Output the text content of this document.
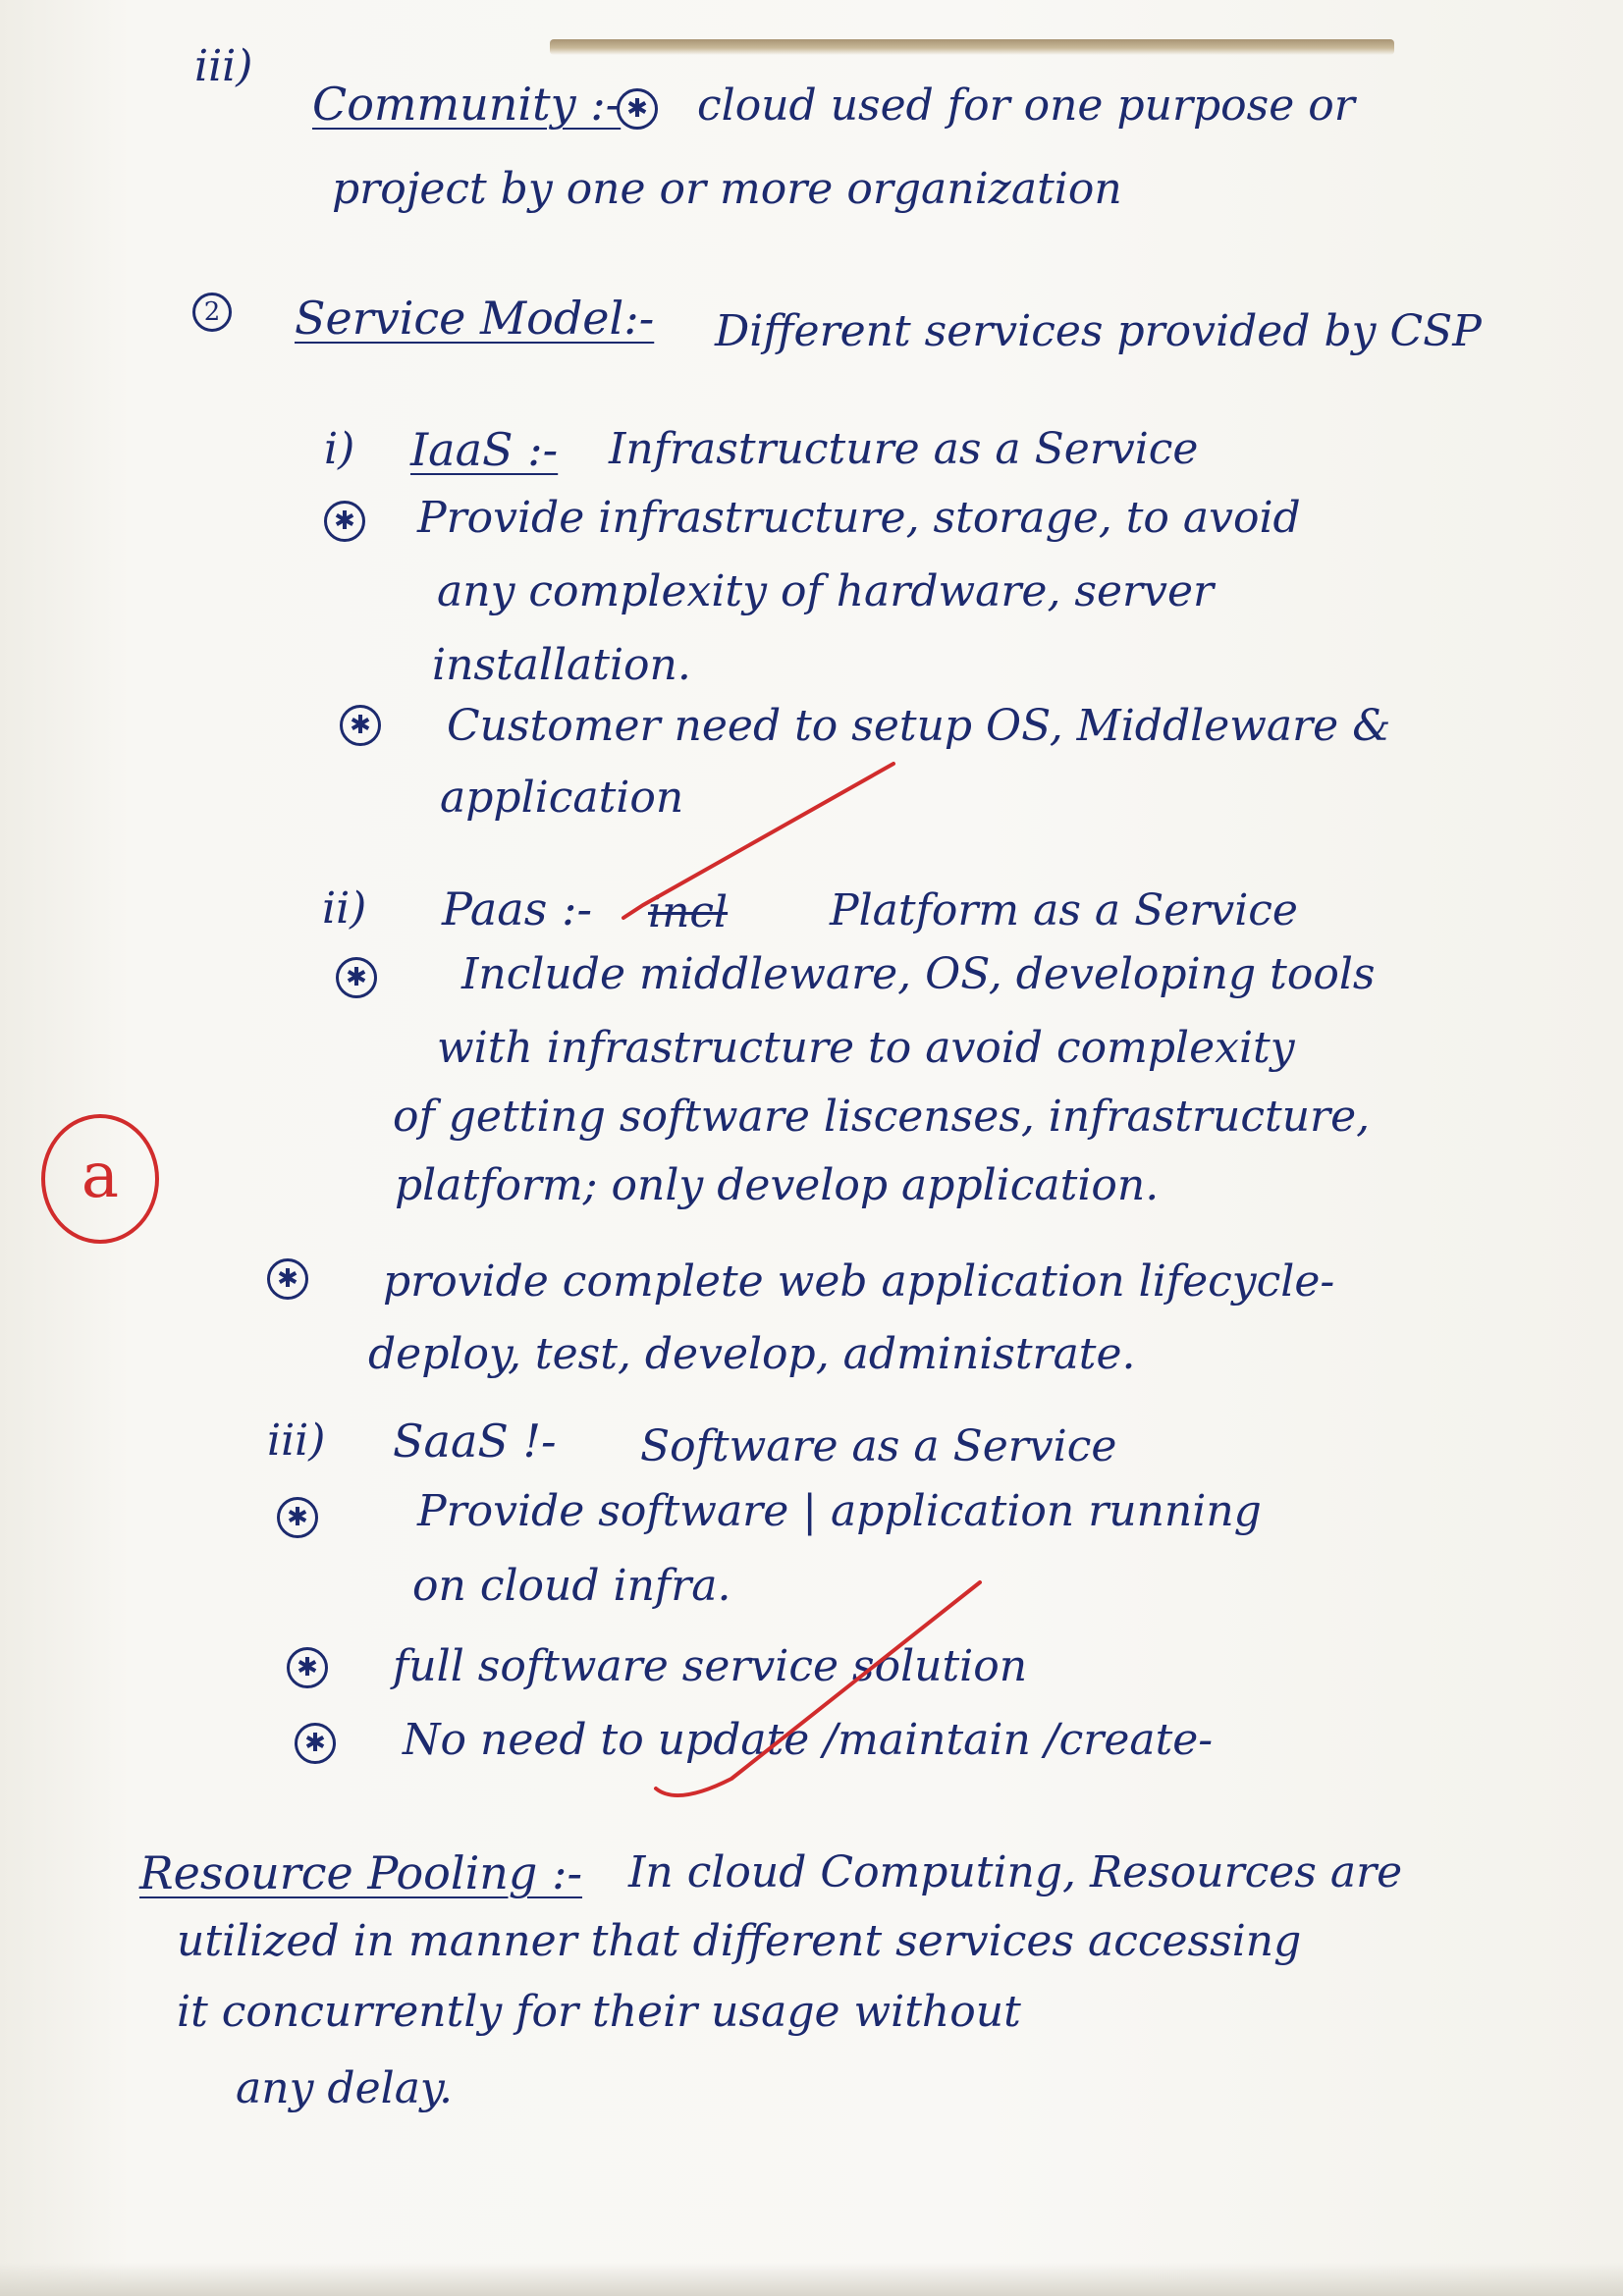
iii)
Community :- ✱ cloud used for one purpose or
project by one or more organization
2 Service Model:- Different services provided by CSP
i) IaaS :- Infrastructure as a Service
✱ Provide infrastructure, storage, to avoid
any complexity of hardware, server
installation.
✱ Customer need to setup OS, Middleware &
application
ii) Paas :- incl Platform as a Service
✱ Include middleware, OS, developing tools
with infrastructure to avoid complexity
of getting software liscenses, infrastructure,
platform; only develop application.
✱ provide complete web application lifecycle-
deploy, test, develop, administrate.
iii) SaaS !- Software as a Service
✱	Provide software | application running
on cloud infra.
✱ full software service solution
✱ No need to update /maintain /create-
Resource Pooling :- In cloud Computing, Resources are
utilized in manner that different services accessing
it concurrently for their usage without
any delay.
a
